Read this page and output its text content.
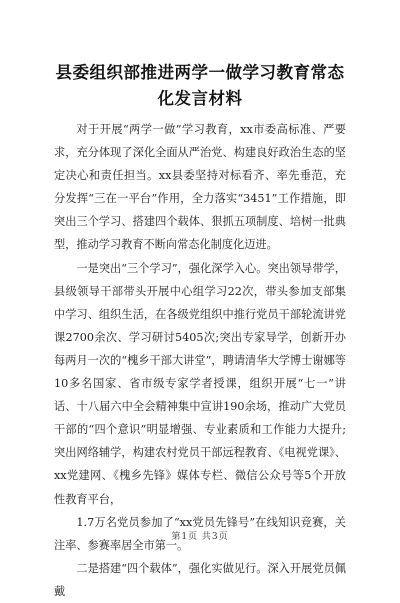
县委组织部推进两学一做学习教育常态化发言材料

对于开展“两学一做”学习教育，xx市委高标准、严要求，充分体现了深化全面从严治党、构建良好政治生态的坚定决心和责任担当。xx县委坚持对标看齐、率先垂范，充分发挥“三在一平台”作用，全力落实“3451”工作措施，即突出三个学习、搭建四个载体、狠抓五项制度、培树一批典型，推动学习教育不断向常态化制度化迈进。

一是突出“三个学习”，强化深学入心。突出领导带学，县级领导干部带头开展中心组学习22次，带头参加支部集中学习、组织生活，在各级党组织中推行党员干部轮流讲党课2700余次、学习研讨5405次;突出专家导学，创新开办每两月一次的“槐乡干部大讲堂”，聘请清华大学博士谢娜等10多名国家、省市级专家学者授课，组织开展“七一”讲话、十八届六中全会精神集中宣讲190余场，推动广大党员干部的“四个意识”明显增强、专业素质和工作能力大提升;突出网络辅学，构建农村党员干部远程教育、《电视党课》、xx党建网、《槐乡先锋》媒体专栏、微信公众号等5个开放性教育平台，

1.7万名党员参加了“xx党员先锋号”在线知识竞赛，关注率、参赛率居全市第一。

二是搭建“四个载体”，强化实做见行。深入开展党员佩戴

第1页 共3页
